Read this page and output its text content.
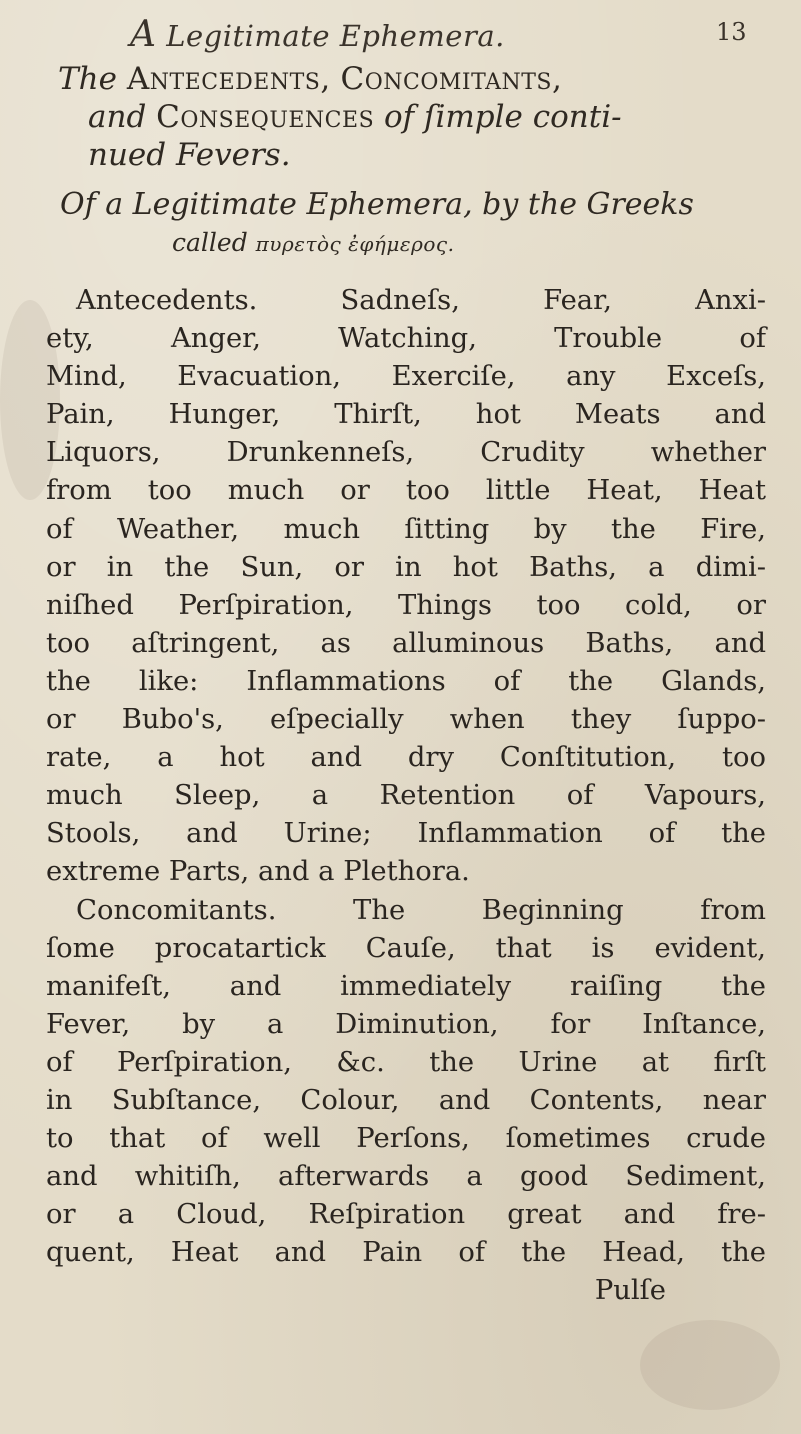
A Legitimate Ephemera.	13
The Antecedents, Concomitants,
and Consequences of ſimple conti-
nued Fevers.
Of a Legitimate Ephemera, by the Greeks
called πυρετὸς ἐφήμερος.
Antecedents. Sadneſs, Fear, Anxi-
ety, Anger, Watching, Trouble of
Mind, Evacuation, Exerciſe, any Exceſs,
Pain, Hunger, Thirſt, hot Meats and
Liquors, Drunkenneſs, Crudity whether
from too much or too little Heat, Heat
of Weather, much ſitting by the Fire,
or in the Sun, or in hot Baths, a dimi-
niſhed Perſpiration, Things too cold, or
too aſtringent, as alluminous Baths, and
the like: Inflammations of the Glands,
or Bubo's, eſpecially when they ſuppo-
rate, a hot and dry Conſtitution, too
much Sleep, a Retention of Vapours,
Stools, and Urine; Inflammation of the
extreme Parts, and a Plethora.
Concomitants. The Beginning from
ſome procatartick Cauſe, that is evident,
manifeſt, and immediately raiſing the
Fever, by a Diminution, for Inſtance,
of Perſpiration, &c. the Urine at firſt
in Subſtance, Colour, and Contents, near
to that of well Perſons, ſometimes crude
and whitiſh, afterwards a good Sediment,
or a Cloud, Reſpiration great and fre-
quent, Heat and Pain of the Head, the
Pulſe
